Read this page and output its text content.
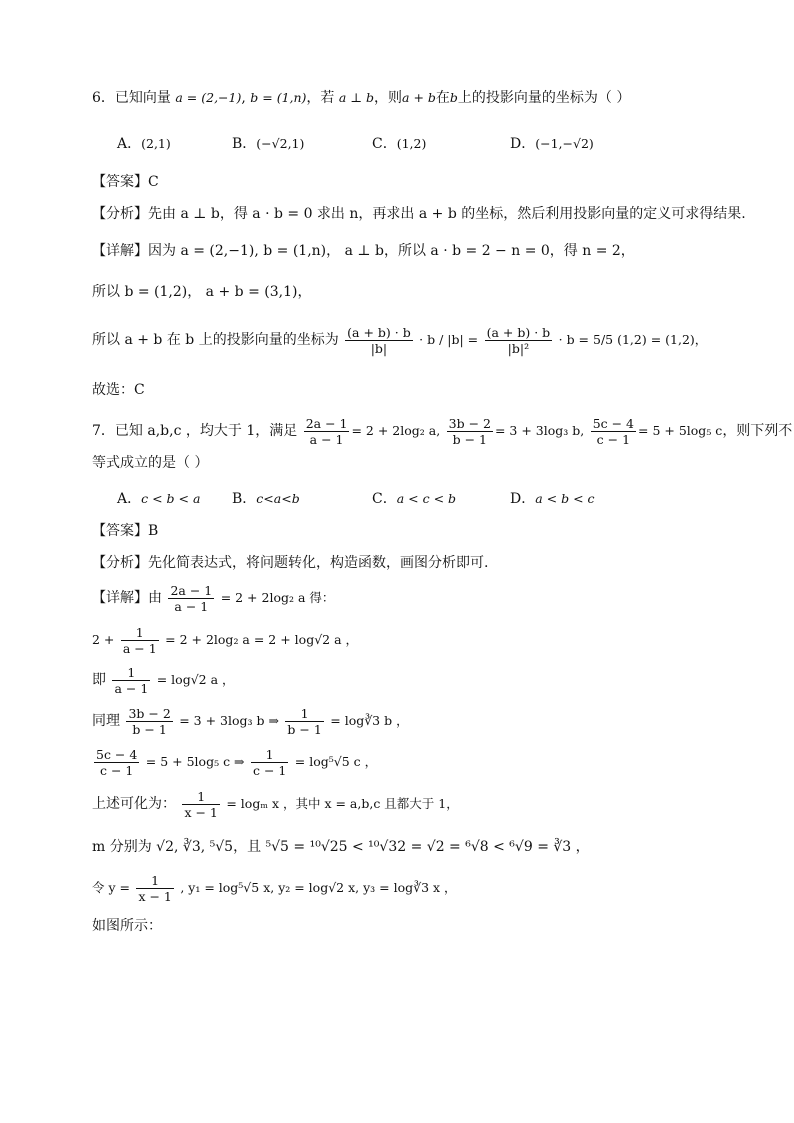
6．已知向量 a = (2,−1), b = (1,n)，若 a ⊥ b，则a + b在b上的投影向量的坐标为（ ）
A．(2,1)	B．(−√2,1)	C．(1,2)	D．(−1,−√2)
【答案】C
【分析】先由 a ⊥ b，得 a · b = 0 求出 n，再求出 a + b 的坐标，然后利用投影向量的定义可求得结果.
【详解】因为 a = (2,−1), b = (1,n)， a ⊥ b，所以 a · b = 2 − n = 0，得 n = 2，
所以 b = (1,2)， a + b = (3,1)，
所以 a + b 在 b 上的投影向量的坐标为 $\frac{(a + b) \cdot b}{|b|} \cdot b / |b| = \frac{(a + b) \cdot b}{\text{|b|²}} \cdot b = 5/5$ (1,2) = (1,2)，
故选：C
7．已知 a,b,c ，均大于 1，满足 $\frac{2a - 1}{a - 1} = 2 + 2\log_2$ a, $\frac{3b - 2}{b - 1} = 3 + 3\log_3$ b, $\frac{5c - 4}{c - 1} = 5 + 5\log_5$ c，则下列不
等式成立的是（ ）
A．c < b < a B．c<a<b	C．a < c < b	D．a < b < c
【答案】B
【分析】先化简表达式，将问题转化，构造函数，画图分析即可.
【详解】由 $\frac{2a - 1}{a - 1} = 2 + 2\log_2$ a 得：
$2 + \frac{1}{a - 1} = 2 + 2\log_2$ a = 2 + log√2 a ，
即 $\frac{1}{a - 1} = \log√2$ a ，
同理 $\frac{3b - 2}{b - 1} = 3 + 3\log_3$ b ⇒ $\frac{1}{b - 1}$ = log∛3 b ，
$\frac{5c - 4}{c - 1} = 5 + 5\log_5$ c ⇒ $\frac{1}{c - 1} = \log^5√5$ c ，
上述可化为： $\frac{1}{x - 1} = \log_m$ x ，其中 x = a,b,c 且都大于 1，
m 分别为 √2, ∛3, ⁵√5，且 ⁵√5 = ¹⁰√25 < ¹⁰√32 = √2 = ⁶√8 < ⁶√9 = ∛3 ，
令 $y = \frac{1}{x - 1}$ , y₁ = log⁵√5 x, y₂ = log√2 x, y₃ = log∛3 x ，
如图所示：
